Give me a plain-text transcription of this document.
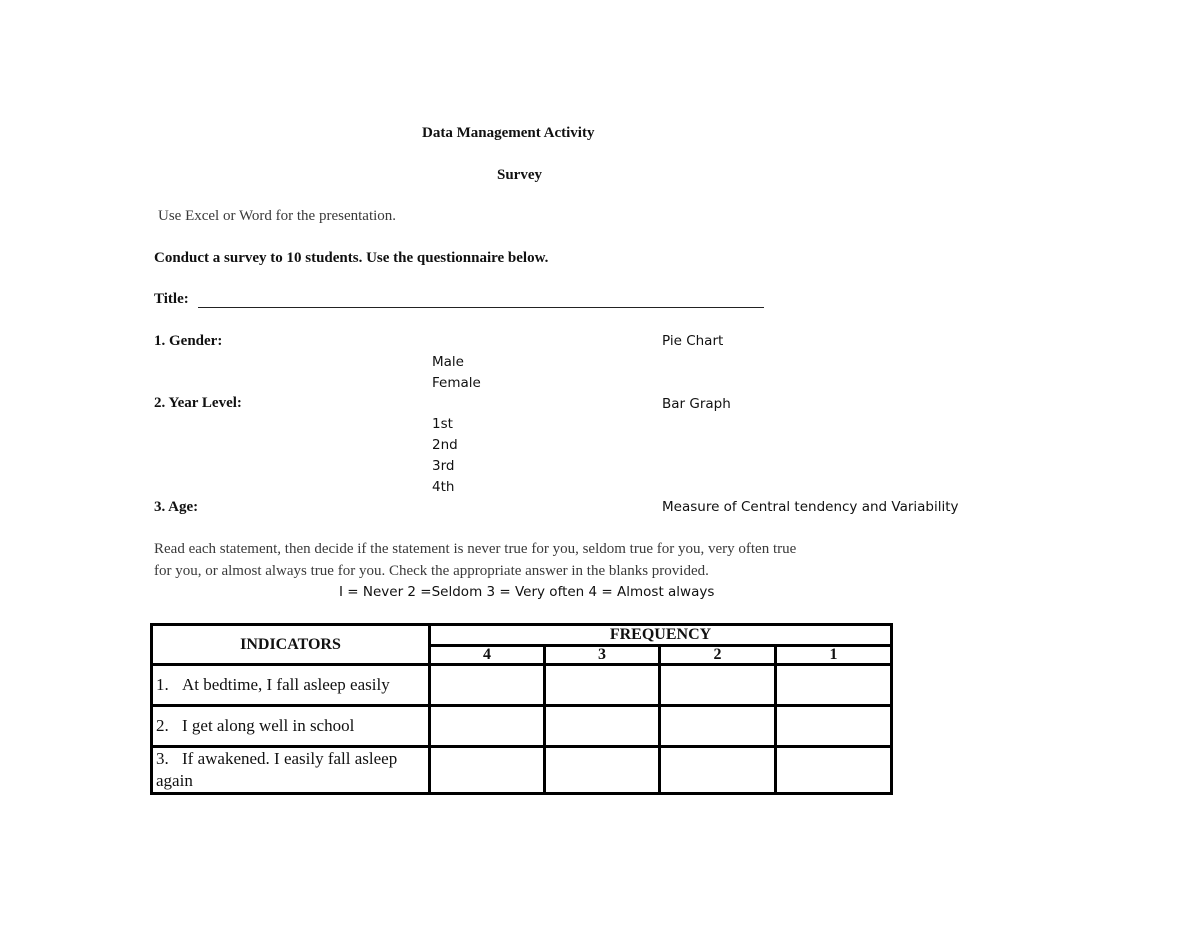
Data Management Activity
Survey
Use Excel or Word for the presentation.
Conduct a survey to 10 students. Use the questionnaire below.
Title:
1. Gender:	Pie Chart
Male
Female
2. Year Level:	Bar Graph
1st
2nd
3rd
4th
3. Age:	Measure of Central tendency and Variability
Read each statement, then decide if the statement is never true for you, seldom true for you, very often true
for you, or almost always true for you. Check the appropriate answer in the blanks provided.
I = Never 2 =Seldom 3 = Very often 4 = Almost always
INDICATORS	FREQUENCY			
	4	3	2	1
1. At bedtime, I fall asleep easily				
2. I get along well in school				
3. If awakened. I easily fall asleep again				
